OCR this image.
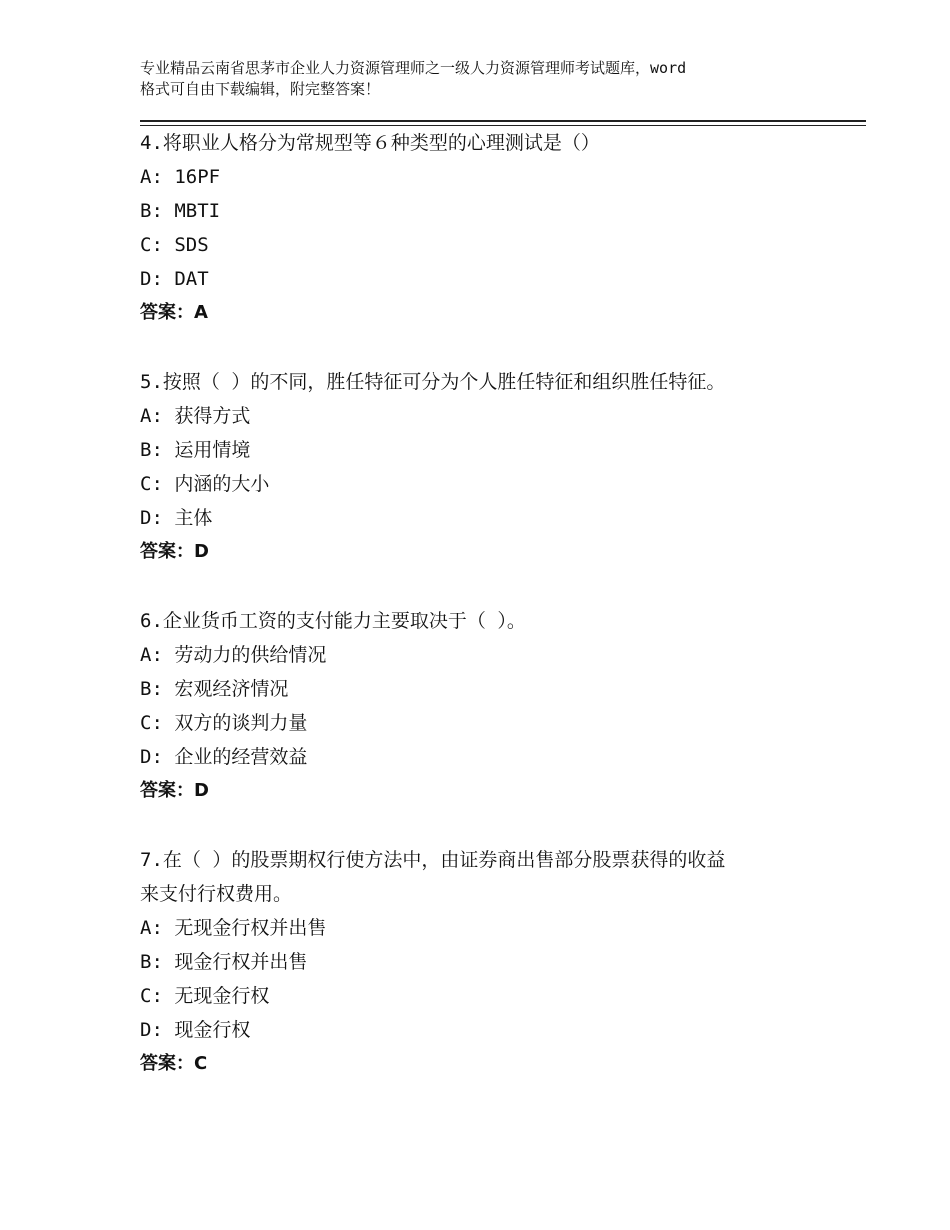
专业精品云南省思茅市企业人力资源管理师之一级人力资源管理师考试题库，word
格式可自由下载编辑，附完整答案！

4.将职业人格分为常规型等６种类型的心理测试是（）

A: 16PF

B: MBTI

C: SDS

D: DAT

答案：A

5.按照（ ）的不同，胜任特征可分为个人胜任特征和组织胜任特征。

A: 获得方式

B: 运用情境

C: 内涵的大小

D: 主体

答案：D

6.企业货币工资的支付能力主要取决于（ ）。

A: 劳动力的供给情况

B: 宏观经济情况

C: 双方的谈判力量

D: 企业的经营效益

答案：D

7.在（ ）的股票期权行使方法中，由证券商出售部分股票获得的收益

来支付行权费用。

A: 无现金行权并出售

B: 现金行权并出售

C: 无现金行权

D: 现金行权

答案：C
